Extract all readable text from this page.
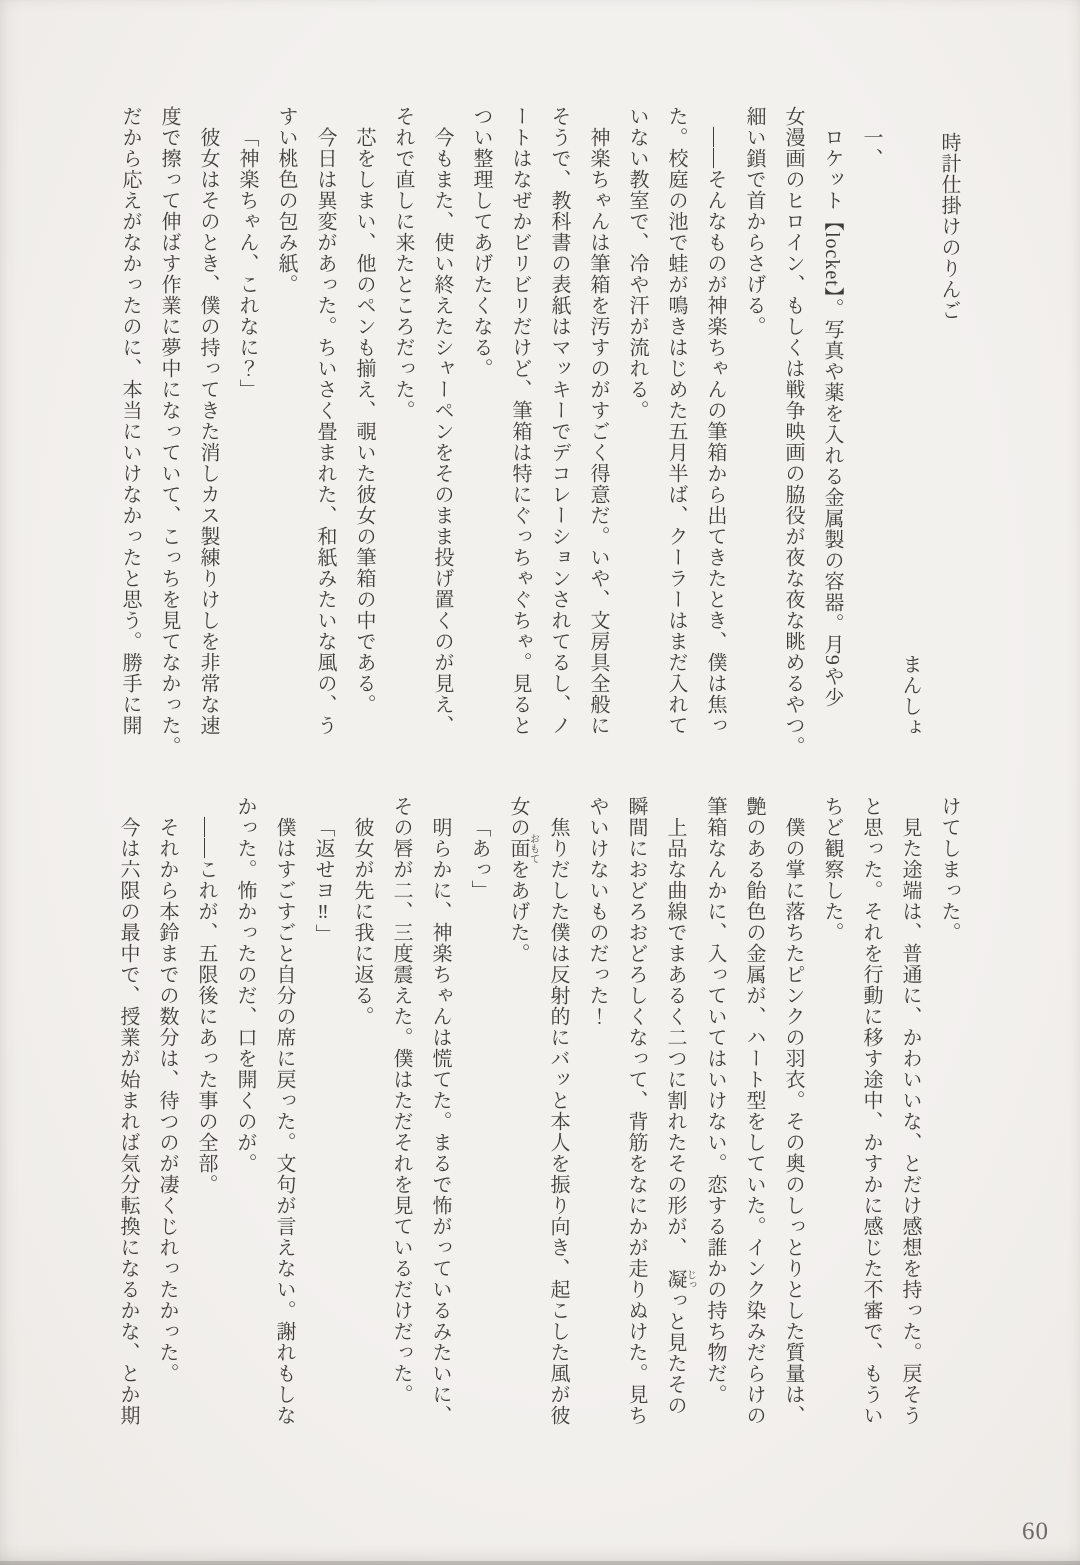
時計仕掛けのりんご
まんしょ
一、
ロケット【locket】。写真や薬を入れる金属製の容器。月9や少
女漫画のヒロイン、もしくは戦争映画の脇役が夜な夜な眺めるやつ。
細い鎖で首からさげる。
——そんなものが神楽ちゃんの筆箱から出てきたとき、僕は焦っ
た。校庭の池で蛙が鳴きはじめた五月半ば、クーラーはまだ入れて
いない教室で、冷や汗が流れる。
神楽ちゃんは筆箱を汚すのがすごく得意だ。いや、文房具全般に
そうで、教科書の表紙はマッキーでデコレーションされてるし、ノ
ートはなぜかビリビリだけど、筆箱は特にぐっちゃぐちゃ。見ると
つい整理してあげたくなる。
今もまた、使い終えたシャーペンをそのまま投げ置くのが見え、
それで直しに来たところだった。
芯をしまい、他のペンも揃え、覗いた彼女の筆箱の中である。
今日は異変があった。ちいさく畳まれた、和紙みたいな風の、う
すい桃色の包み紙。
「神楽ちゃん、これなに？」
彼女はそのとき、僕の持ってきた消しカス製練りけしを非常な速
度で擦って伸ばす作業に夢中になっていて、こっちを見てなかった。
だから応えがなかったのに、本当にいけなかったと思う。勝手に開
けてしまった。
見た途端は、普通に、かわいいな、とだけ感想を持った。戻そう
と思った。それを行動に移す途中、かすかに感じた不審で、もうい
ちど観察した。
僕の掌に落ちたピンクの羽衣。その奥のしっとりとした質量は、
艶のある飴色の金属が、ハート型をしていた。インク染みだらけの
筆箱なんかに、入っていてはいけない。恋する誰かの持ち物だ。
上品な曲線でまあるく二つに割れたその形が、　凝じっっと見たその
瞬間におどろおどろしくなって、背筋をなにかが走りぬけた。見ち
やいけないものだった！
焦りだした僕は反射的にバッと本人を振り向き、起こした風が彼
女の面おもてをあげた。
「あっ」
明らかに、神楽ちゃんは慌てた。まるで怖がっているみたいに、
その唇が二、三度震えた。僕はただそれを見ているだけだった。
彼女が先に我に返る。
「返せヨ‼」
僕はすごすごと自分の席に戻った。文句が言えない。謝れもしな
かった。怖かったのだ、口を開くのが。
——これが、五限後にあった事の全部。
それから本鈴までの数分は、待つのが凄くじれったかった。
今は六限の最中で、授業が始まれば気分転換になるかな、とか期
60
